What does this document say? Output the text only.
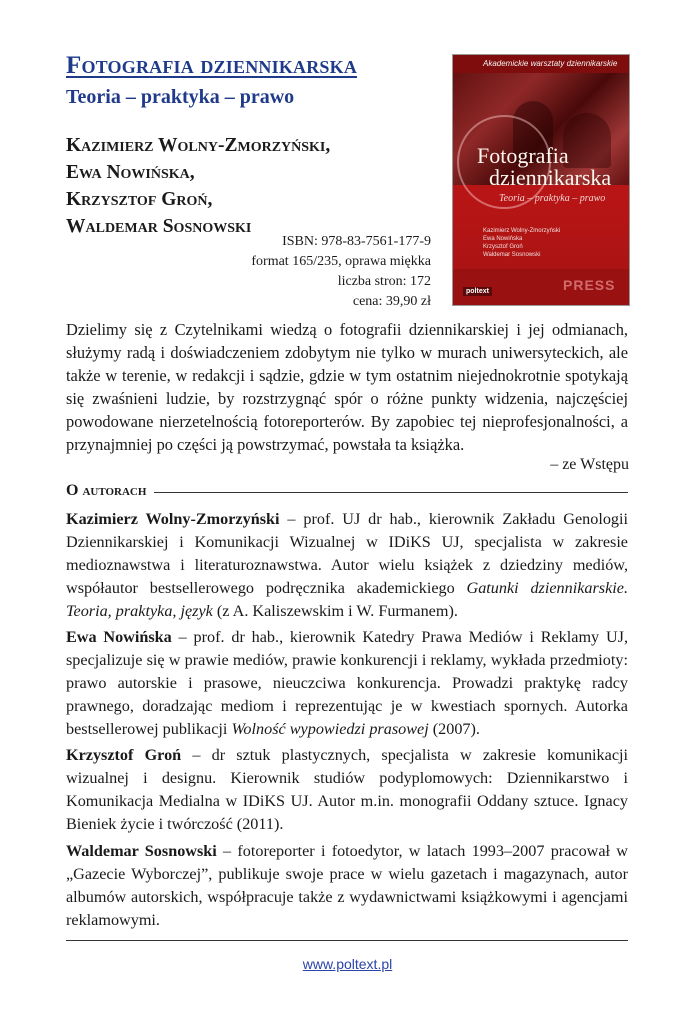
Fotografia dziennikarska
Teoria – praktyka – prawo
Kazimierz Wolny-Zmorzyński,
Ewa Nowińska,
Krzysztof Groń,
Waldemar Sosnowski
ISBN: 978-83-7561-177-9
format 165/235, oprawa miękka
liczba stron: 172
cena: 39,90 zł
Akademickie warsztaty dziennikarskie
Fotografia
dziennikarska
Teoria – praktyka – prawo
Kazimierz Wolny-Zmorzyński
Ewa Nowińska
Krzysztof Groń
Waldemar Sosnowski
PRESS
poltext
Dzielimy się z Czytelnikami wiedzą o fotografii dziennikarskiej i jej odmianach, służymy radą i doświadczeniem zdobytym nie tylko w murach uniwersyteckich, ale także w terenie, w redakcji i sądzie, gdzie w tym ostatnim niejednokrotnie spotykają się zwaśnieni ludzie, by rozstrzygnąć spór o różne punkty widzenia, najczęściej powodowane nierzetelnością fotoreporterów. By zapobiec tej nieprofesjonalności, a przynajmniej po części ją powstrzymać, powstała ta książka.
– ze Wstępu
O autorach
Kazimierz Wolny-Zmorzyński – prof. UJ dr hab., kierownik Zakładu Genologii Dziennikarskiej i Komunikacji Wizualnej w IDiKS UJ, specjalista w zakresie medioznawstwa i literaturoznawstwa. Autor wielu książek z dziedziny mediów, współautor bestsellerowego podręcznika akademickiego Gatunki dziennikarskie. Teoria, praktyka, język (z A. Kaliszewskim i W. Furmanem).
Ewa Nowińska – prof. dr hab., kierownik Katedry Prawa Mediów i Reklamy UJ, specjalizuje się w prawie mediów, prawie konkurencji i reklamy, wykłada przedmioty: prawo autorskie i prasowe, nieuczciwa konkurencja. Prowadzi praktykę radcy prawnego, doradzając mediom i reprezentując je w kwestiach spornych. Autorka bestsellerowej publikacji Wolność wypowiedzi prasowej (2007).
Krzysztof Groń – dr sztuk plastycznych, specjalista w zakresie komunikacji wizualnej i designu. Kierownik studiów podyplomowych: Dziennikarstwo i Komunikacja Medialna w IDiKS UJ. Autor m.in. monografii Oddany sztuce. Ignacy Bieniek życie i twórczość (2011).
Waldemar Sosnowski – fotoreporter i fotoedytor, w latach 1993–2007 pracował w „Gazecie Wyborczej”, publikuje swoje prace w wielu gazetach i magazynach, autor albumów autorskich, współpracuje także z wydawnictwami książkowymi i agencjami reklamowymi.
www.poltext.pl
